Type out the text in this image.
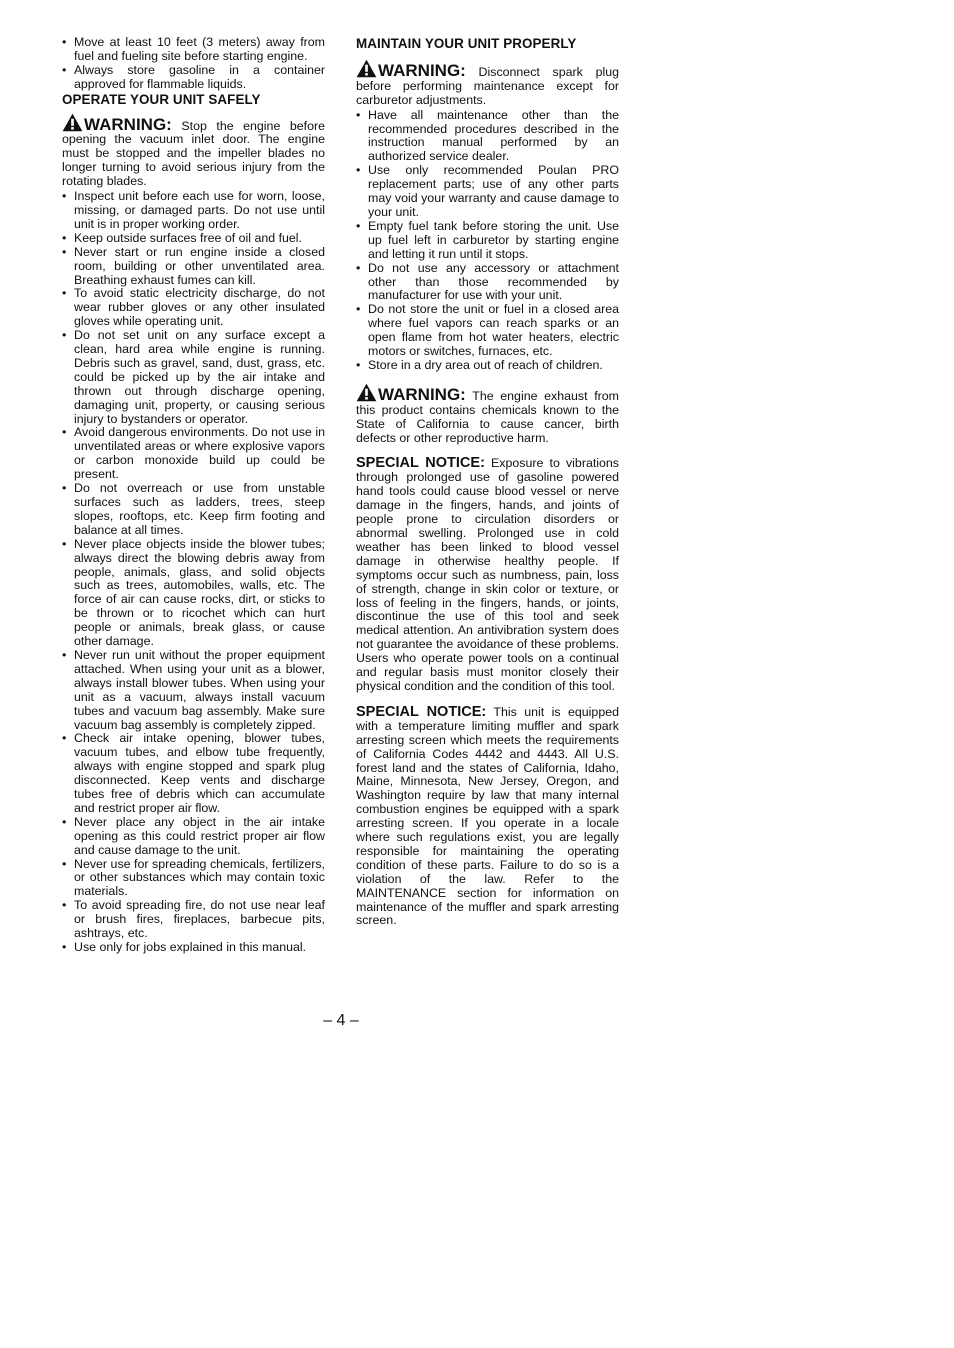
• Move at least 10 feet (3 meters) away from fuel and fueling site before starting engine.
• Always store gasoline in a container approved for flammable liquids.
OPERATE YOUR UNIT SAFELY
WARNING: Stop the engine before opening the vacuum inlet door. The engine must be stopped and the impeller blades no longer turning to avoid serious injury from the rotating blades.
• Inspect unit before each use for worn, loose, missing, or damaged parts. Do not use until unit is in proper working order.
• Keep outside surfaces free of oil and fuel.
• Never start or run engine inside a closed room, building or other unventilated area. Breathing exhaust fumes can kill.
• To avoid static electricity discharge, do not wear rubber gloves or any other insulated gloves while operating unit.
• Do not set unit on any surface except a clean, hard area while engine is running. Debris such as gravel, sand, dust, grass, etc. could be picked up by the air intake and thrown out through discharge opening, damaging unit, property, or causing serious injury to bystanders or operator.
• Avoid dangerous environments. Do not use in unventilated areas or where explosive vapors or carbon monoxide build up could be present.
• Do not overreach or use from unstable surfaces such as ladders, trees, steep slopes, rooftops, etc. Keep firm footing and balance at all times.
• Never place objects inside the blower tubes; always direct the blowing debris away from people, animals, glass, and solid objects such as trees, automobiles, walls, etc. The force of air can cause rocks, dirt, or sticks to be thrown or to ricochet which can hurt people or animals, break glass, or cause other damage.
• Never run unit without the proper equipment attached. When using your unit as a blower, always install blower tubes. When using your unit as a vacuum, always install vacuum tubes and vacuum bag assembly. Make sure vacuum bag assembly is completely zipped.
• Check air intake opening, blower tubes, vacuum tubes, and elbow tube frequently, always with engine stopped and spark plug disconnected. Keep vents and discharge tubes free of debris which can accumulate and restrict proper air flow.
• Never place any object in the air intake opening as this could restrict proper air flow and cause damage to the unit.
• Never use for spreading chemicals, fertilizers, or other substances which may contain toxic materials.
• To avoid spreading fire, do not use near leaf or brush fires, fireplaces, barbecue pits, ashtrays, etc.
• Use only for jobs explained in this manual.
MAINTAIN YOUR UNIT PROPERLY
WARNING: Disconnect spark plug before performing maintenance except for carburetor adjustments.
• Have all maintenance other than the recommended procedures described in the instruction manual performed by an authorized service dealer.
• Use only recommended Poulan PRO replacement parts; use of any other parts may void your warranty and cause damage to your unit.
• Empty fuel tank before storing the unit. Use up fuel left in carburetor by starting engine and letting it run until it stops.
• Do not use any accessory or attachment other than those recommended by manufacturer for use with your unit.
• Do not store the unit or fuel in a closed area where fuel vapors can reach sparks or an open flame from hot water heaters, electric motors or switches, furnaces, etc.
• Store in a dry area out of reach of children.
WARNING: The engine exhaust from this product contains chemicals known to the State of California to cause cancer, birth defects or other reproductive harm.
SPECIAL NOTICE: Exposure to vibrations through prolonged use of gasoline powered hand tools could cause blood vessel or nerve damage in the fingers, hands, and joints of people prone to circulation disorders or abnormal swelling. Prolonged use in cold weather has been linked to blood vessel damage in otherwise healthy people. If symptoms occur such as numbness, pain, loss of strength, change in skin color or texture, or loss of feeling in the fingers, hands, or joints, discontinue the use of this tool and seek medical attention. An antivibration system does not guarantee the avoidance of these problems. Users who operate power tools on a continual and regular basis must monitor closely their physical condition and the condition of this tool.
SPECIAL NOTICE: This unit is equipped with a temperature limiting muffler and spark arresting screen which meets the requirements of California Codes 4442 and 4443. All U.S. forest land and the states of California, Idaho, Maine, Minnesota, New Jersey, Oregon, and Washington require by law that many internal combustion engines be equipped with a spark arresting screen. If you operate in a locale where such regulations exist, you are legally responsible for maintaining the operating condition of these parts. Failure to do so is a violation of the law. Refer to the MAINTENANCE section for information on maintenance of the muffler and spark arresting screen.
– 4 –
